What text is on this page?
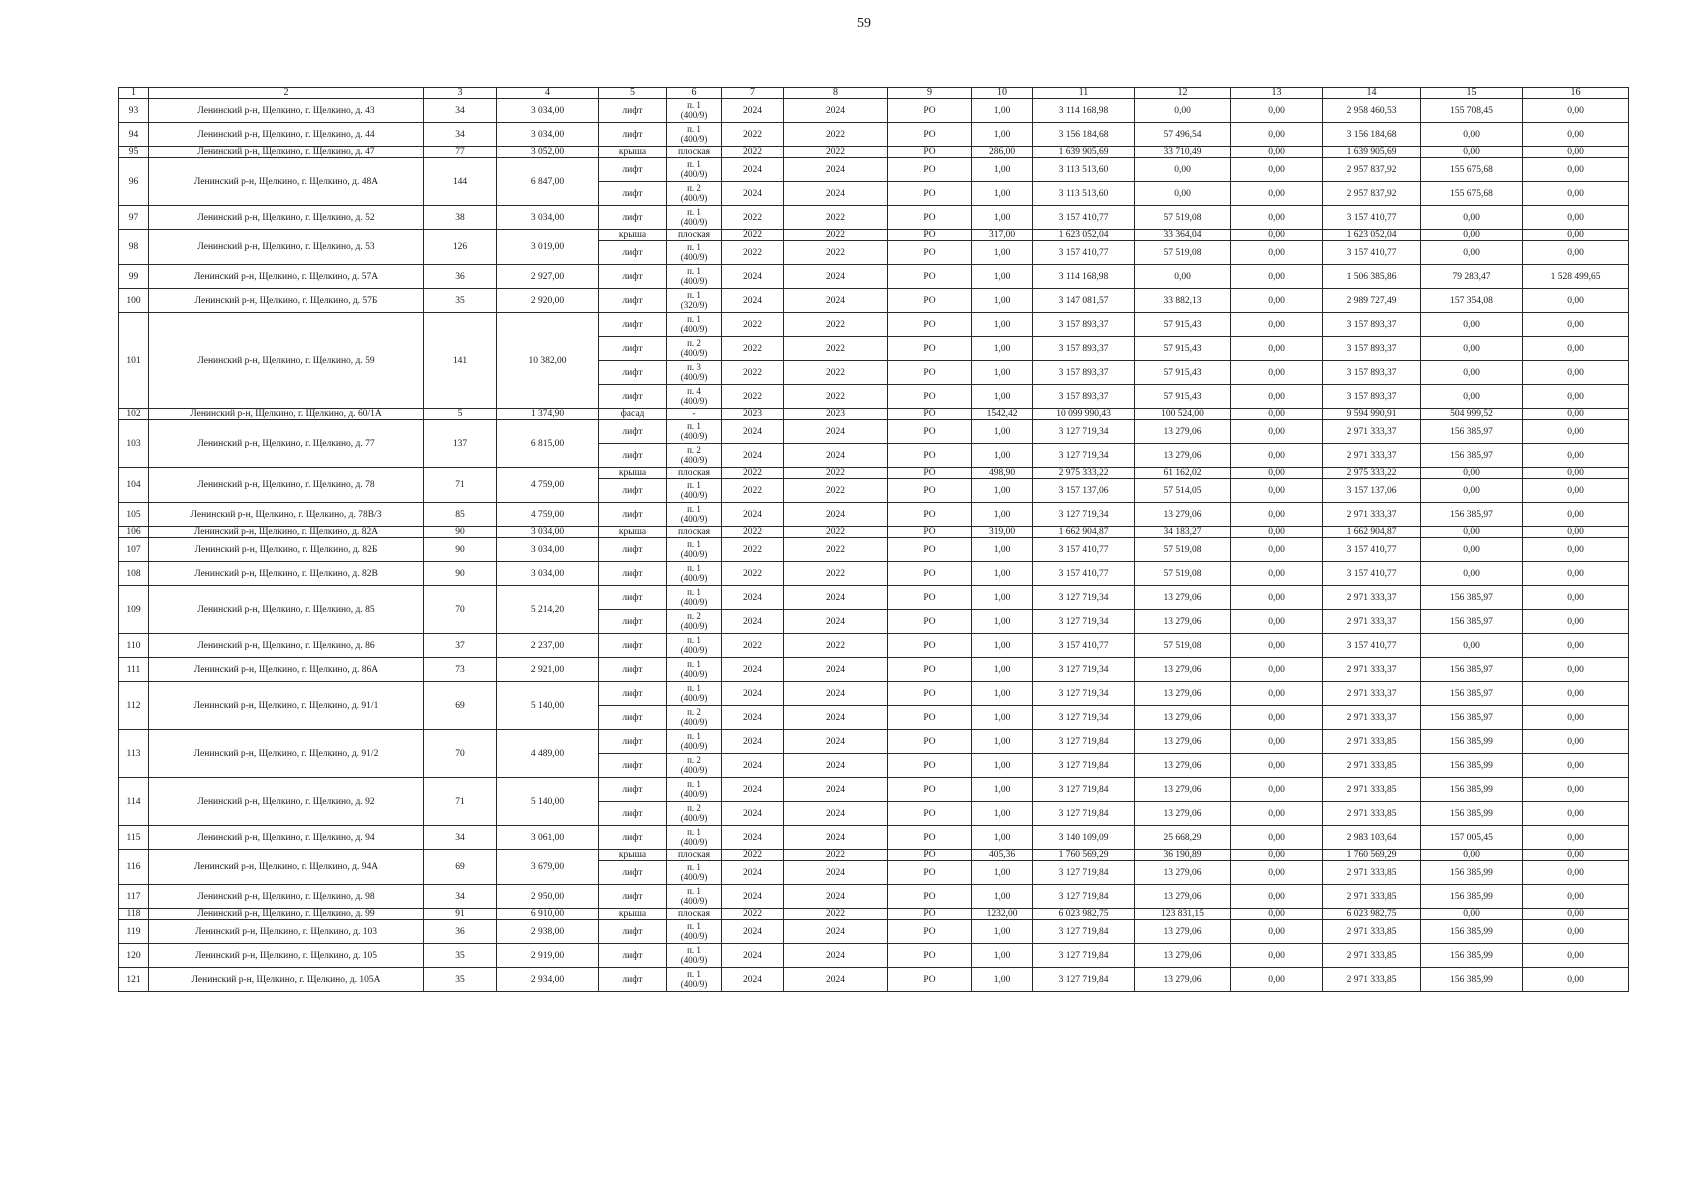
59
1	2	3	4	5	6	7	8	9	10	11	12	13	14	15	16
93	Ленинский р-н, Щелкино, г. Щелкино, д. 43	34	3 034,00	лифт	п. 1
(400/9)	2024	2024	РО	1,00	3 114 168,98	0,00	0,00	2 958 460,53	155 708,45	0,00
94	Ленинский р-н, Щелкино, г. Щелкино, д. 44	34	3 034,00	лифт	п. 1
(400/9)	2022	2022	РО	1,00	3 156 184,68	57 496,54	0,00	3 156 184,68	0,00	0,00
95	Ленинский р-н, Щелкино, г. Щелкино, д. 47	77	3 052,00	крыша	плоская	2022	2022	РО	286,00	1 639 905,69	33 710,49	0,00	1 639 905,69	0,00	0,00
96	Ленинский р-н, Щелкино, г. Щелкино, д. 48А	144	6 847,00	лифт	п. 1
(400/9)	2024	2024	РО	1,00	3 113 513,60	0,00	0,00	2 957 837,92	155 675,68	0,00
				лифт	п. 2
(400/9)	2024	2024	РО	1,00	3 113 513,60	0,00	0,00	2 957 837,92	155 675,68	0,00
97	Ленинский р-н, Щелкино, г. Щелкино, д. 52	38	3 034,00	лифт	п. 1
(400/9)	2022	2022	РО	1,00	3 157 410,77	57 519,08	0,00	3 157 410,77	0,00	0,00
98	Ленинский р-н, Щелкино, г. Щелкино, д. 53	126	3 019,00	крыша	плоская	2022	2022	РО	317,00	1 623 052,04	33 364,04	0,00	1 623 052,04	0,00	0,00
				лифт	п. 1
(400/9)	2022	2022	РО	1,00	3 157 410,77	57 519,08	0,00	3 157 410,77	0,00	0,00
99	Ленинский р-н, Щелкино, г. Щелкино, д. 57А	36	2 927,00	лифт	п. 1
(400/9)	2024	2024	РО	1,00	3 114 168,98	0,00	0,00	1 506 385,86	79 283,47	1 528 499,65
100	Ленинский р-н, Щелкино, г. Щелкино, д. 57Б	35	2 920,00	лифт	п. 1
(320/9)	2024	2024	РО	1,00	3 147 081,57	33 882,13	0,00	2 989 727,49	157 354,08	0,00
101	Ленинский р-н, Щелкино, г. Щелкино, д. 59	141	10 382,00	лифт	п. 1
(400/9)	2022	2022	РО	1,00	3 157 893,37	57 915,43	0,00	3 157 893,37	0,00	0,00
				лифт	п. 2
(400/9)	2022	2022	РО	1,00	3 157 893,37	57 915,43	0,00	3 157 893,37	0,00	0,00
				лифт	п. 3
(400/9)	2022	2022	РО	1,00	3 157 893,37	57 915,43	0,00	3 157 893,37	0,00	0,00
				лифт	п. 4
(400/9)	2022	2022	РО	1,00	3 157 893,37	57 915,43	0,00	3 157 893,37	0,00	0,00
102	Ленинский р-н, Щелкино, г. Щелкино, д. 60/1А	5	1 374,90	фасад	-	2023	2023	РО	1542,42	10 099 990,43	100 524,00	0,00	9 594 990,91	504 999,52	0,00
103	Ленинский р-н, Щелкино, г. Щелкино, д. 77	137	6 815,00	лифт	п. 1
(400/9)	2024	2024	РО	1,00	3 127 719,34	13 279,06	0,00	2 971 333,37	156 385,97	0,00
				лифт	п. 2
(400/9)	2024	2024	РО	1,00	3 127 719,34	13 279,06	0,00	2 971 333,37	156 385,97	0,00
104	Ленинский р-н, Щелкино, г. Щелкино, д. 78	71	4 759,00	крыша	плоская	2022	2022	РО	498,90	2 975 333,22	61 162,02	0,00	2 975 333,22	0,00	0,00
				лифт	п. 1
(400/9)	2022	2022	РО	1,00	3 157 137,06	57 514,05	0,00	3 157 137,06	0,00	0,00
105	Ленинский р-н, Щелкино, г. Щелкино, д. 78В/3	85	4 759,00	лифт	п. 1
(400/9)	2024	2024	РО	1,00	3 127 719,34	13 279,06	0,00	2 971 333,37	156 385,97	0,00
106	Ленинский р-н, Щелкино, г. Щелкино, д. 82А	90	3 034,00	крыша	плоская	2022	2022	РО	319,00	1 662 904,87	34 183,27	0,00	1 662 904,87	0,00	0,00
107	Ленинский р-н, Щелкино, г. Щелкино, д. 82Б	90	3 034,00	лифт	п. 1
(400/9)	2022	2022	РО	1,00	3 157 410,77	57 519,08	0,00	3 157 410,77	0,00	0,00
108	Ленинский р-н, Щелкино, г. Щелкино, д. 82В	90	3 034,00	лифт	п. 1
(400/9)	2022	2022	РО	1,00	3 157 410,77	57 519,08	0,00	3 157 410,77	0,00	0,00
109	Ленинский р-н, Щелкино, г. Щелкино, д. 85	70	5 214,20	лифт	п. 1
(400/9)	2024	2024	РО	1,00	3 127 719,34	13 279,06	0,00	2 971 333,37	156 385,97	0,00
				лифт	п. 2
(400/9)	2024	2024	РО	1,00	3 127 719,34	13 279,06	0,00	2 971 333,37	156 385,97	0,00
110	Ленинский р-н, Щелкино, г. Щелкино, д. 86	37	2 237,00	лифт	п. 1
(400/9)	2022	2022	РО	1,00	3 157 410,77	57 519,08	0,00	3 157 410,77	0,00	0,00
111	Ленинский р-н, Щелкино, г. Щелкино, д. 86А	73	2 921,00	лифт	п. 1
(400/9)	2024	2024	РО	1,00	3 127 719,34	13 279,06	0,00	2 971 333,37	156 385,97	0,00
112	Ленинский р-н, Щелкино, г. Щелкино, д. 91/1	69	5 140,00	лифт	п. 1
(400/9)	2024	2024	РО	1,00	3 127 719,34	13 279,06	0,00	2 971 333,37	156 385,97	0,00
				лифт	п. 2
(400/9)	2024	2024	РО	1,00	3 127 719,34	13 279,06	0,00	2 971 333,37	156 385,97	0,00
113	Ленинский р-н, Щелкино, г. Щелкино, д. 91/2	70	4 489,00	лифт	п. 1
(400/9)	2024	2024	РО	1,00	3 127 719,84	13 279,06	0,00	2 971 333,85	156 385,99	0,00
				лифт	п. 2
(400/9)	2024	2024	РО	1,00	3 127 719,84	13 279,06	0,00	2 971 333,85	156 385,99	0,00
114	Ленинский р-н, Щелкино, г. Щелкино, д. 92	71	5 140,00	лифт	п. 1
(400/9)	2024	2024	РО	1,00	3 127 719,84	13 279,06	0,00	2 971 333,85	156 385,99	0,00
				лифт	п. 2
(400/9)	2024	2024	РО	1,00	3 127 719,84	13 279,06	0,00	2 971 333,85	156 385,99	0,00
115	Ленинский р-н, Щелкино, г. Щелкино, д. 94	34	3 061,00	лифт	п. 1
(400/9)	2024	2024	РО	1,00	3 140 109,09	25 668,29	0,00	2 983 103,64	157 005,45	0,00
116	Ленинский р-н, Щелкино, г. Щелкино, д. 94А	69	3 679,00	крыша	плоская	2022	2022	РО	405,36	1 760 569,29	36 190,89	0,00	1 760 569,29	0,00	0,00
				лифт	п. 1
(400/9)	2024	2024	РО	1,00	3 127 719,84	13 279,06	0,00	2 971 333,85	156 385,99	0,00
117	Ленинский р-н, Щелкино, г. Щелкино, д. 98	34	2 950,00	лифт	п. 1
(400/9)	2024	2024	РО	1,00	3 127 719,84	13 279,06	0,00	2 971 333,85	156 385,99	0,00
118	Ленинский р-н, Щелкино, г. Щелкино, д. 99	91	6 910,00	крыша	плоская	2022	2022	РО	1232,00	6 023 982,75	123 831,15	0,00	6 023 982,75	0,00	0,00
119	Ленинский р-н, Щелкино, г. Щелкино, д. 103	36	2 938,00	лифт	п. 1
(400/9)	2024	2024	РО	1,00	3 127 719,84	13 279,06	0,00	2 971 333,85	156 385,99	0,00
120	Ленинский р-н, Щелкино, г. Щелкино, д. 105	35	2 919,00	лифт	п. 1
(400/9)	2024	2024	РО	1,00	3 127 719,84	13 279,06	0,00	2 971 333,85	156 385,99	0,00
121	Ленинский р-н, Щелкино, г. Щелкино, д. 105А	35	2 934,00	лифт	п. 1
(400/9)	2024	2024	РО	1,00	3 127 719,84	13 279,06	0,00	2 971 333,85	156 385,99	0,00
